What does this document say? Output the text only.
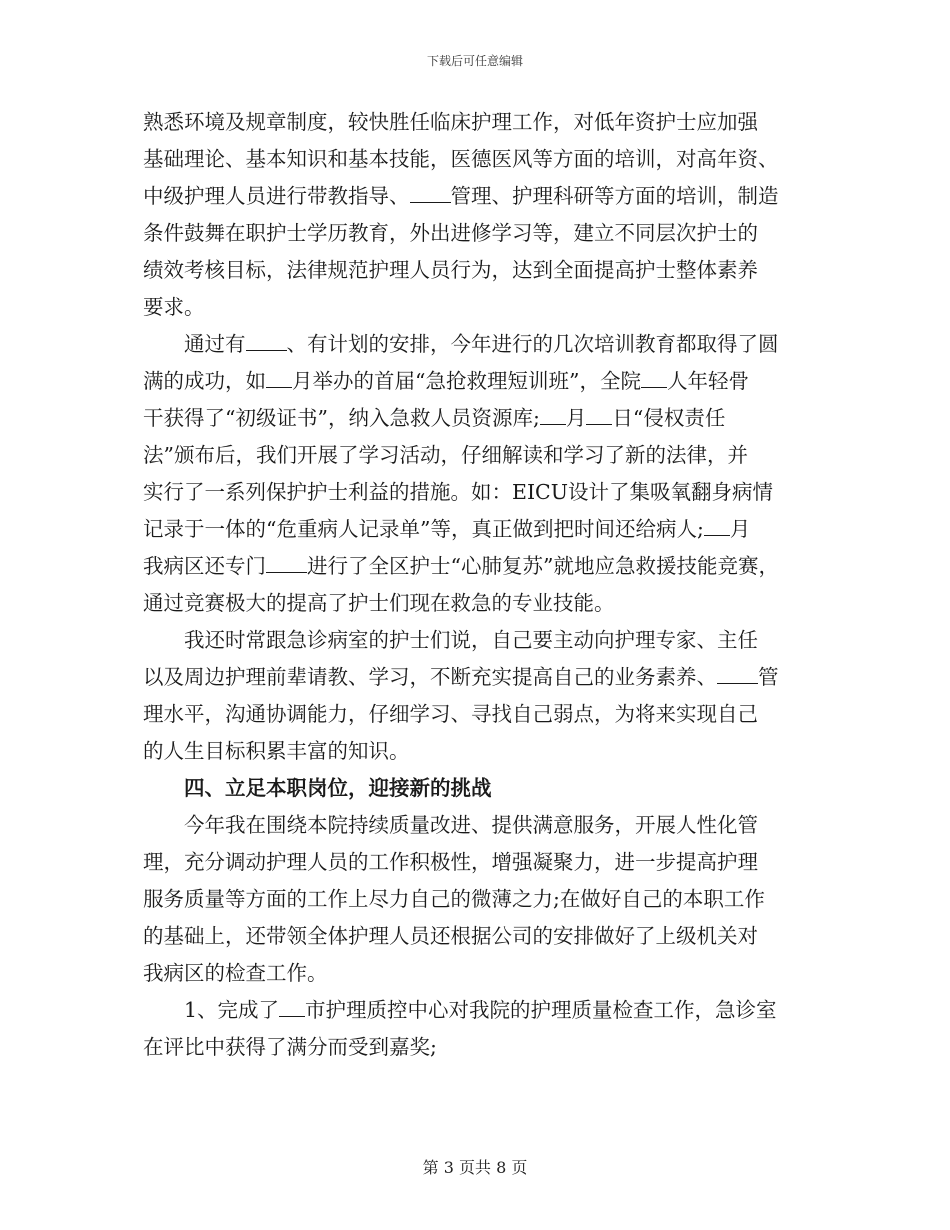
下载后可任意编辑
熟悉环境及规章制度，较快胜任临床护理工作，对低年资护士应加强
基础理论、基本知识和基本技能，医德医风等方面的培训，对高年资、
中级护理人员进行带教指导、 管理、护理科研等方面的培训，制造
条件鼓舞在职护士学历教育，外出进修学习等，建立不同层次护士的
绩效考核目标，法律规范护理人员行为，达到全面提高护士整体素养
要求。
通过有 、有计划的安排，今年进行的几次培训教育都取得了圆
满的成功，如 月举办的首届“急抢救理短训班”，全院 人年轻骨
干获得了“初级证书”，纳入急救人员资源库; 月 日“侵权责任
法”颁布后，我们开展了学习活动，仔细解读和学习了新的法律，并
实行了一系列保护护士利益的措施。如：EICU设计了集吸氧翻身病情
记录于一体的“危重病人记录单”等，真正做到把时间还给病人; 月
我病区还专门 进行了全区护士“心肺复苏”就地应急救援技能竞赛，
通过竞赛极大的提高了护士们现在救急的专业技能。
我还时常跟急诊病室的护士们说，自己要主动向护理专家、主任
以及周边护理前辈请教、学习，不断充实提高自己的业务素养、 管
理水平，沟通协调能力，仔细学习、寻找自己弱点，为将来实现自己
的人生目标积累丰富的知识。
四、立足本职岗位，迎接新的挑战
今年我在围绕本院持续质量改进、提供满意服务，开展人性化管
理，充分调动护理人员的工作积极性，增强凝聚力，进一步提高护理
服务质量等方面的工作上尽力自己的微薄之力;在做好自己的本职工作
的基础上，还带领全体护理人员还根据公司的安排做好了上级机关对
我病区的检查工作。
1、完成了 市护理质控中心对我院的护理质量检查工作，急诊室
在评比中获得了满分而受到嘉奖;
第 3 页共 8 页
